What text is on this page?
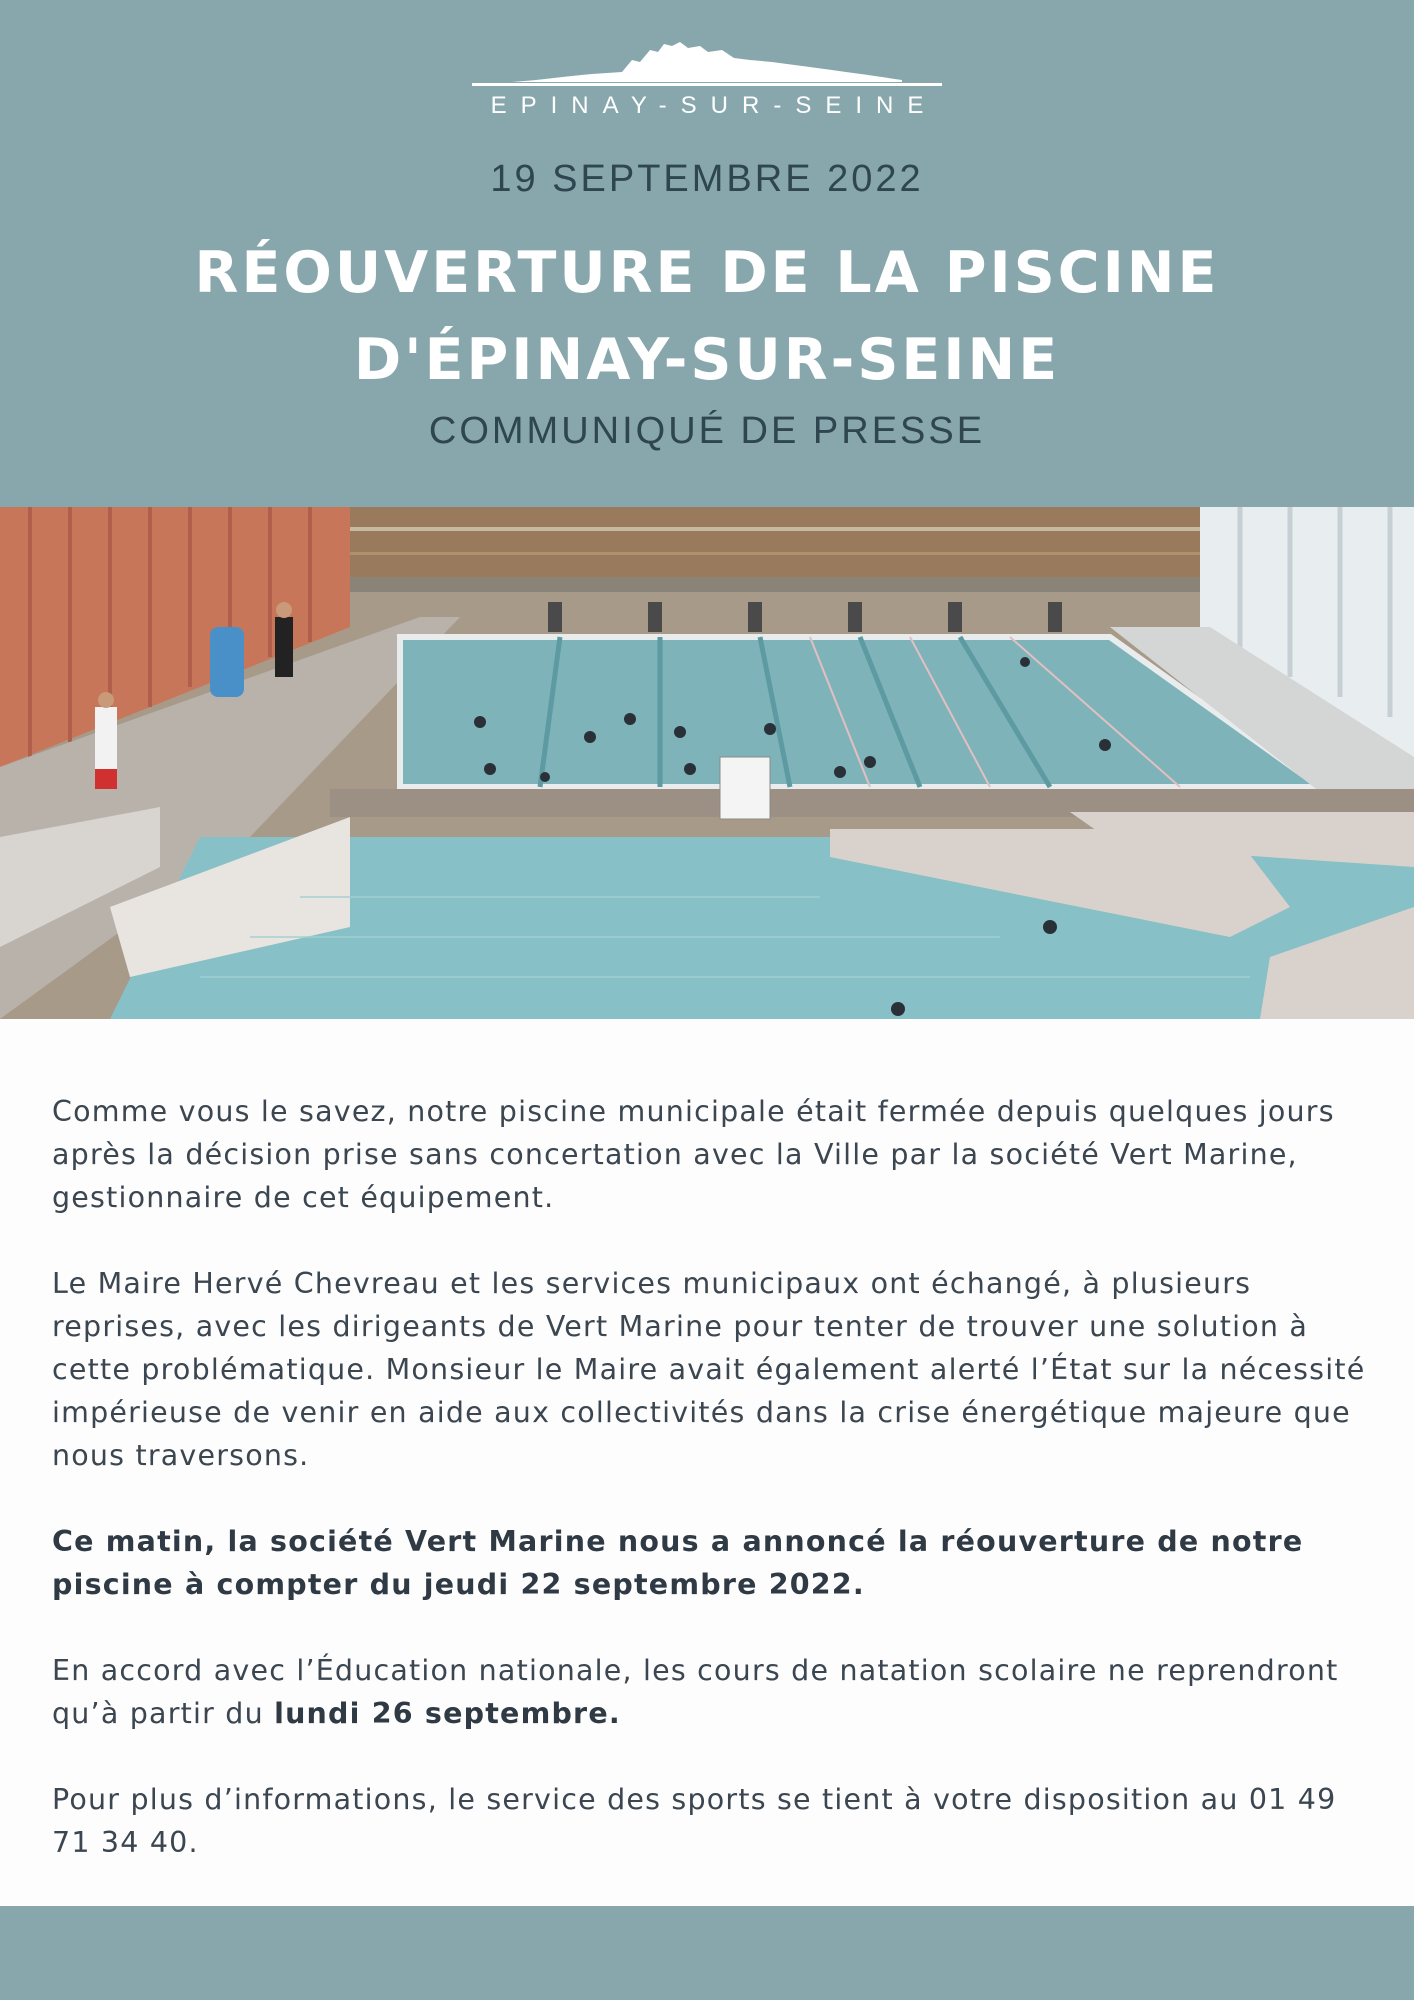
EPINAY-SUR-SEINE
19 SEPTEMBRE 2022
RÉOUVERTURE DE LA PISCINE
D'ÉPINAY-SUR-SEINE
COMMUNIQUÉ DE PRESSE

Comme vous le savez, notre piscine municipale était fermée depuis quelques jours après la décision prise sans concertation avec la Ville par la société Vert Marine, gestionnaire de cet équipement.

Le Maire Hervé Chevreau et les services municipaux ont échangé, à plusieurs reprises, avec les dirigeants de Vert Marine pour tenter de trouver une solution à cette problématique. Monsieur le Maire avait également alerté l’État sur la nécessité impérieuse de venir en aide aux collectivités dans la crise énergétique majeure que nous traversons.

Ce matin, la société Vert Marine nous a annoncé la réouverture de notre piscine à compter du jeudi 22 septembre 2022.

En accord avec l’Éducation nationale, les cours de natation scolaire ne reprendront qu’à partir du lundi 26 septembre.

Pour plus d’informations, le service des sports se tient à votre disposition au 01 49 71 34 40.
